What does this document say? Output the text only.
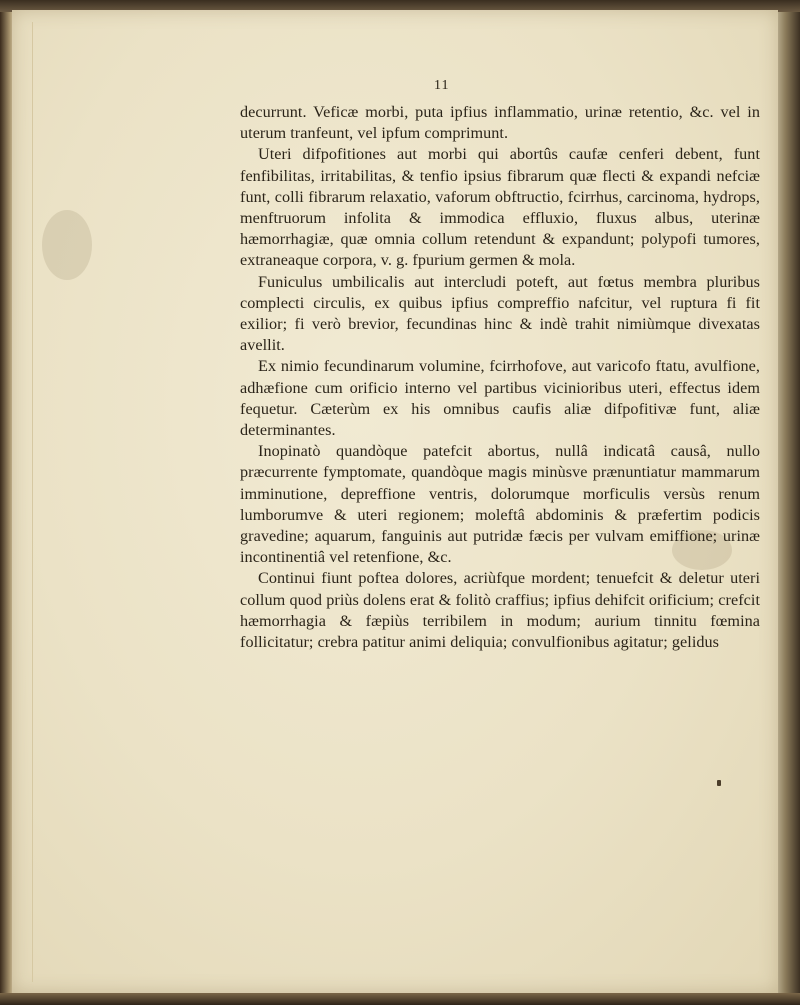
11

decurrunt. Veficæ morbi, puta ipfius inflammatio, urinæ retentio, &c. vel in uterum tranfeunt, vel ipfum comprimunt.

Uteri difpofitiones aut morbi qui abortûs caufæ cenferi debent, funt fenfibilitas, irritabilitas, & tenfio ipsius fibrarum quæ flecti & expandi nefciæ funt, colli fibrarum relaxatio, vaforum obftructio, fcirrhus, carcinoma, hydrops, menftruorum infolita & immodica effluxio, fluxus albus, uterinæ hæmorrhagiæ, quæ omnia collum retendunt & expandunt; polypofi tumores, extraneaque corpora, v. g. fpurium germen & mola.

Funiculus umbilicalis aut intercludi poteft, aut fœtus membra pluribus complecti circulis, ex quibus ipfius compreffio nafcitur, vel ruptura fi fit exilior; fi verò brevior, fecundinas hinc & indè trahit nimiùmque divexatas avellit.

Ex nimio fecundinarum volumine, fcirrhofove, aut varicofo ftatu, avulfione, adhæfione cum orificio interno vel partibus vicinioribus uteri, effectus idem fequetur. Cæterùm ex his omnibus caufis aliæ difpofitivæ funt, aliæ determinantes.

Inopinatò quandòque patefcit abortus, nullâ indicatâ causâ, nullo præcurrente fymptomate, quandòque magis minùsve prænuntiatur mammarum imminutione, depreffione ventris, dolorumque morficulis versùs renum lumborumve & uteri regionem; moleftâ abdominis & præfertim podicis gravedine; aquarum, fanguinis aut putridæ fæcis per vulvam emiffione; urinæ incontinentiâ vel retenfione, &c.

Continui fiunt poftea dolores, acriùfque mordent; tenuefcit & deletur uteri collum quod priùs dolens erat & folitò craffius; ipfius dehifcit orificium; crefcit hæmorrhagia & fæpiùs terribilem in modum; aurium tinnitu fœmina follicitatur; crebra patitur animi deliquia; convulfionibus agitatur; gelidus
